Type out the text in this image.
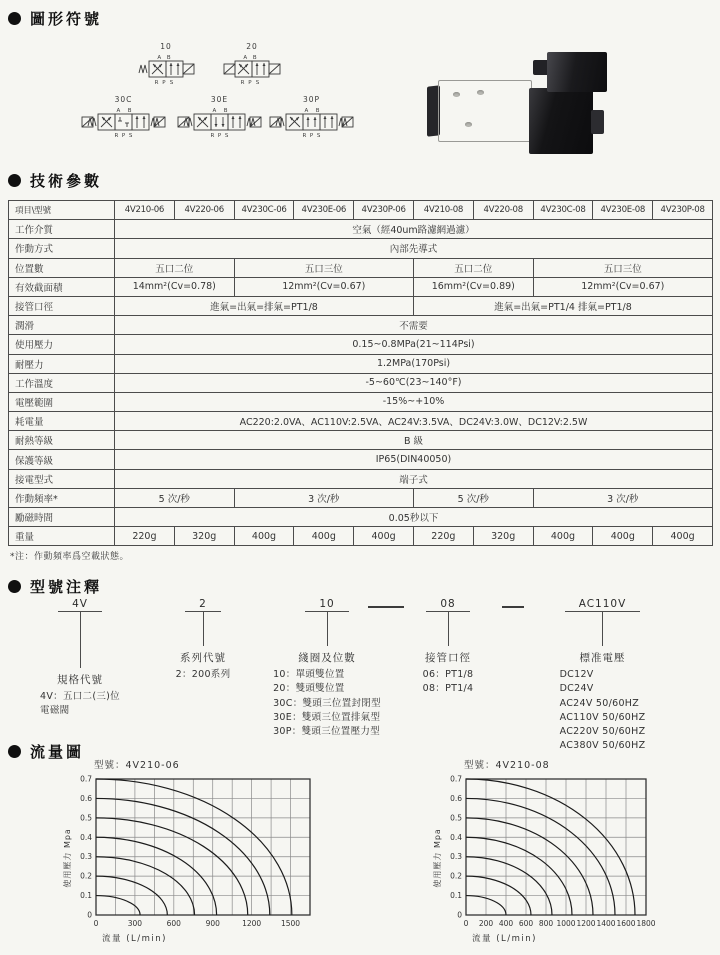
圖形符號
10
A B
R P S
20
A B
R P S
30C
A B
R P S
30E
A B
R P S
30P
A B
R P S
技術參數
項目\型號	4V210-06	4V220-06	4V230C-06	4V230E-06	4V230P-06	4V210-08	4V220-08	4V230C-08	4V230E-08	4V230P-08
工作介質	空氣（經40um路濾網過濾）									
作動方式	內部先導式									
位置數	五口二位		五口三位			五口二位		五口三位		
有效截面積	14mm²(Cv=0.78)		12mm²(Cv=0.67)			16mm²(Cv=0.89)		12mm²(Cv=0.67)		
接管口徑	進氣=出氣=排氣=PT1/8					進氣=出氣=PT1/4 排氣=PT1/8				
潤滑	不需要									
使用壓力	0.15~0.8MPa(21~114Psi)									
耐壓力	1.2MPa(170Psi)									
工作溫度	-5~60℃(23~140°F)									
電壓範圍	-15%~+10%									
耗電量	AC220:2.0VA、AC110V:2.5VA、AC24V:3.5VA、DC24V:3.0W、DC12V:2.5W									
耐熱等級	B 級									
保護等級	IP65(DIN40050)									
接電型式	端子式									
作動頻率*	5 次/秒		3 次/秒			5 次/秒		3 次/秒		
勵磁時間	0.05秒以下									
重量	220g	320g	400g	400g	400g	220g	320g	400g	400g	400g
*注：作動頻率爲空載狀態。
型號注釋
4V
規格代號
4V：五口二(三)位
電磁閥
2
系列代號
2：200系列
10
綫圈及位數
10：單頭雙位置
20：雙頭雙位置
30C：雙頭三位置封閉型
30E：雙頭三位置排氣型
30P：雙頭三位置壓力型
08
接管口徑
06：PT1/8
08：PT1/4
AC110V
標准電壓
DC12V
DC24V
AC24V 50/60HZ
AC110V 50/60HZ
AC220V 50/60HZ
AC380V 50/60HZ
流量圖
型號：4V210-06
0	300	600	900	1200	1500
0
0.1
0.2
0.3
0.4
0.5
0.6
0.7
流量 (L/min)
使用壓力 Mpa
型號：4V210-08
0 200 400 600 800 1000 1200 1400 1600 1800
0
0.1
0.2
0.3
0.4
0.5
0.6
0.7
流量 (L/min)
使用壓力 Mpa
